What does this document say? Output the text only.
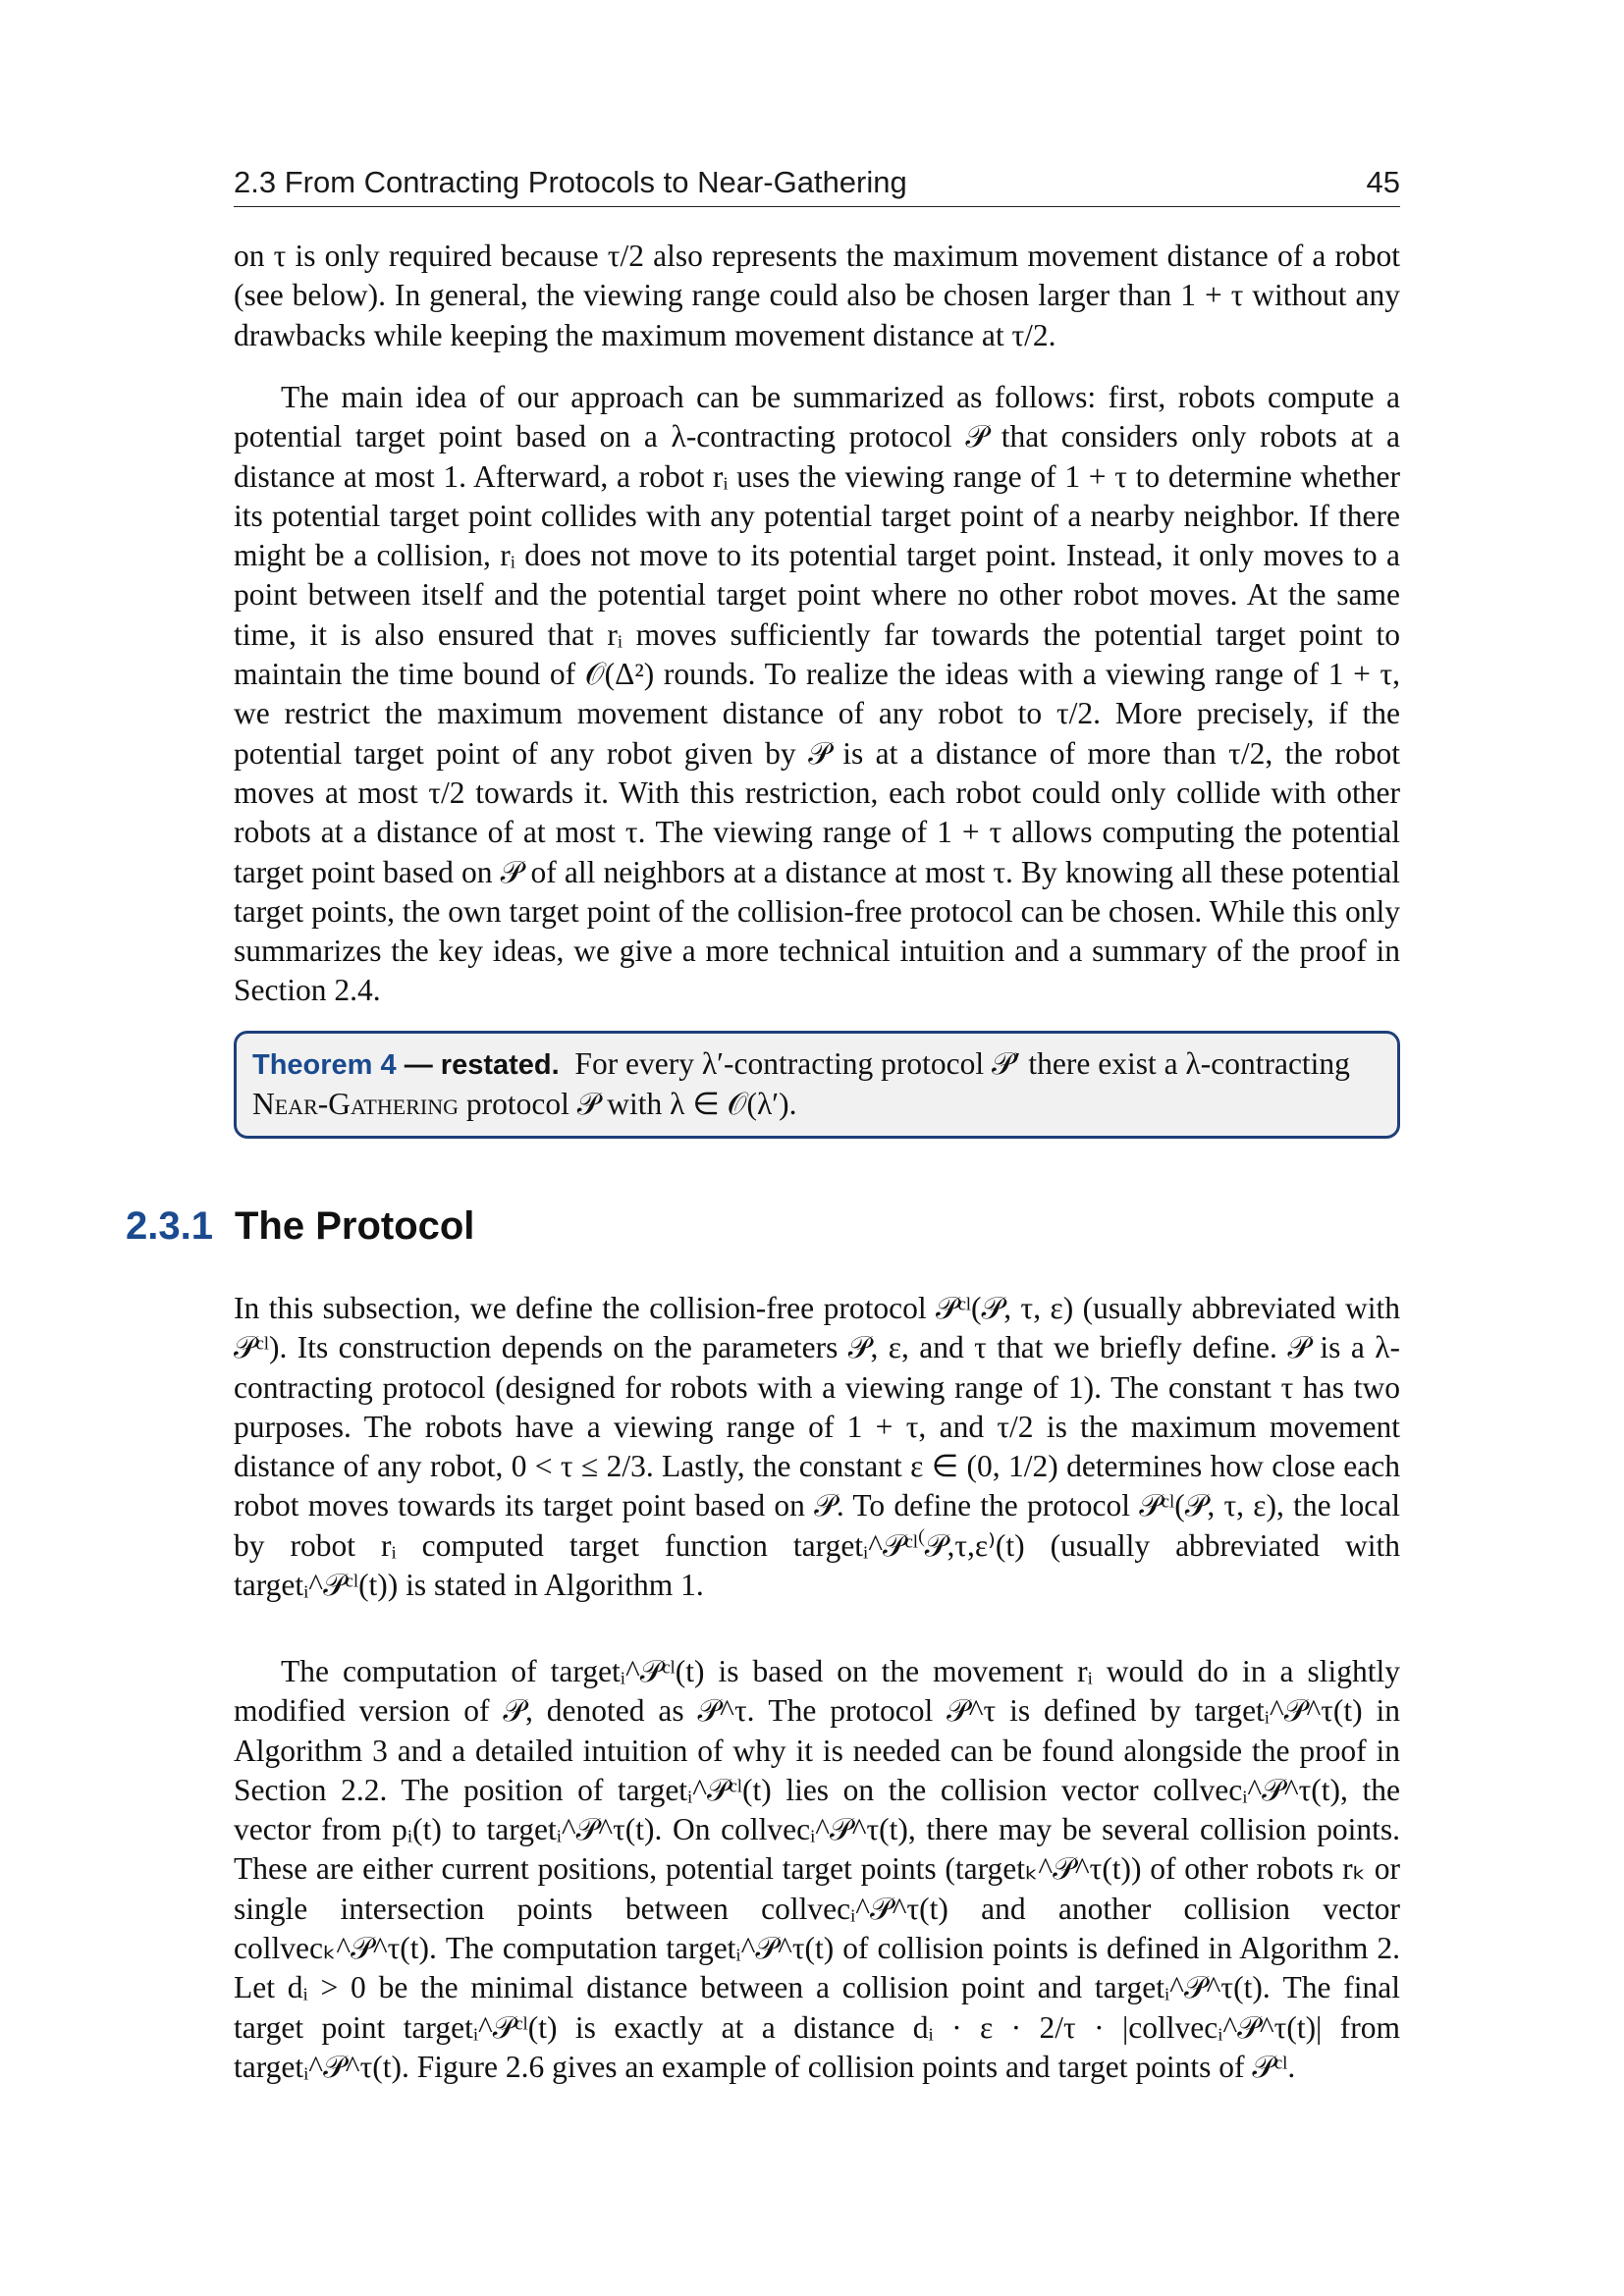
2.3 From Contracting Protocols to Near-Gathering	45

on τ is only required because τ/2 also represents the maximum movement distance of a robot (see below). In general, the viewing range could also be chosen larger than 1 + τ without any drawbacks while keeping the maximum movement distance at τ/2.

The main idea of our approach can be summarized as follows: first, robots compute a potential target point based on a λ-contracting protocol 𝒫 that considers only robots at a distance at most 1. Afterward, a robot rᵢ uses the viewing range of 1 + τ to determine whether its potential target point collides with any potential target point of a nearby neighbor. If there might be a collision, rᵢ does not move to its potential target point. Instead, it only moves to a point between itself and the potential target point where no other robot moves. At the same time, it is also ensured that rᵢ moves sufficiently far towards the potential target point to maintain the time bound of 𝒪(Δ²) rounds. To realize the ideas with a viewing range of 1 + τ, we restrict the maximum movement distance of any robot to τ/2. More precisely, if the potential target point of any robot given by 𝒫 is at a distance of more than τ/2, the robot moves at most τ/2 towards it. With this restriction, each robot could only collide with other robots at a distance of at most τ. The viewing range of 1 + τ allows computing the potential target point based on 𝒫 of all neighbors at a distance at most τ. By knowing all these potential target points, the own target point of the collision-free protocol can be chosen. While this only summarizes the key ideas, we give a more technical intuition and a summary of the proof in Section 2.4.

Theorem 4 — restated. For every λ′-contracting protocol 𝒫′ there exist a λ-contracting Near-Gathering protocol 𝒫 with λ ∈ 𝒪(λ′).
2.3.1 The Protocol

In this subsection, we define the collision-free protocol 𝒫ᶜˡ(𝒫, τ, ε) (usually abbreviated with 𝒫ᶜˡ). Its construction depends on the parameters 𝒫, ε, and τ that we briefly define. 𝒫 is a λ-contracting protocol (designed for robots with a viewing range of 1). The constant τ has two purposes. The robots have a viewing range of 1 + τ, and τ/2 is the maximum movement distance of any robot, 0 < τ ≤ 2/3. Lastly, the constant ε ∈ (0, 1/2) determines how close each robot moves towards its target point based on 𝒫. To define the protocol 𝒫ᶜˡ(𝒫, τ, ε), the local by robot rᵢ computed target function targetᵢ^𝒫ᶜˡ⁽𝒫,τ,ε⁾(t) (usually abbreviated with targetᵢ^𝒫ᶜˡ(t)) is stated in Algorithm 1.

The computation of targetᵢ^𝒫ᶜˡ(t) is based on the movement rᵢ would do in a slightly modified version of 𝒫, denoted as 𝒫^τ. The protocol 𝒫^τ is defined by targetᵢ^𝒫^τ(t) in Algorithm 3 and a detailed intuition of why it is needed can be found alongside the proof in Section 2.2. The position of targetᵢ^𝒫ᶜˡ(t) lies on the collision vector collvecᵢ^𝒫^τ(t), the vector from pᵢ(t) to targetᵢ^𝒫^τ(t). On collvecᵢ^𝒫^τ(t), there may be several collision points. These are either current positions, potential target points (targetₖ^𝒫^τ(t)) of other robots rₖ or single intersection points between collvecᵢ^𝒫^τ(t) and another collision vector collvecₖ^𝒫^τ(t). The computation targetᵢ^𝒫^τ(t) of collision points is defined in Algorithm 2. Let dᵢ > 0 be the minimal distance between a collision point and targetᵢ^𝒫^τ(t). The final target point targetᵢ^𝒫ᶜˡ(t) is exactly at a distance dᵢ · ε · 2/τ · |collvecᵢ^𝒫^τ(t)| from targetᵢ^𝒫^τ(t). Figure 2.6 gives an example of collision points and target points of 𝒫ᶜˡ.
